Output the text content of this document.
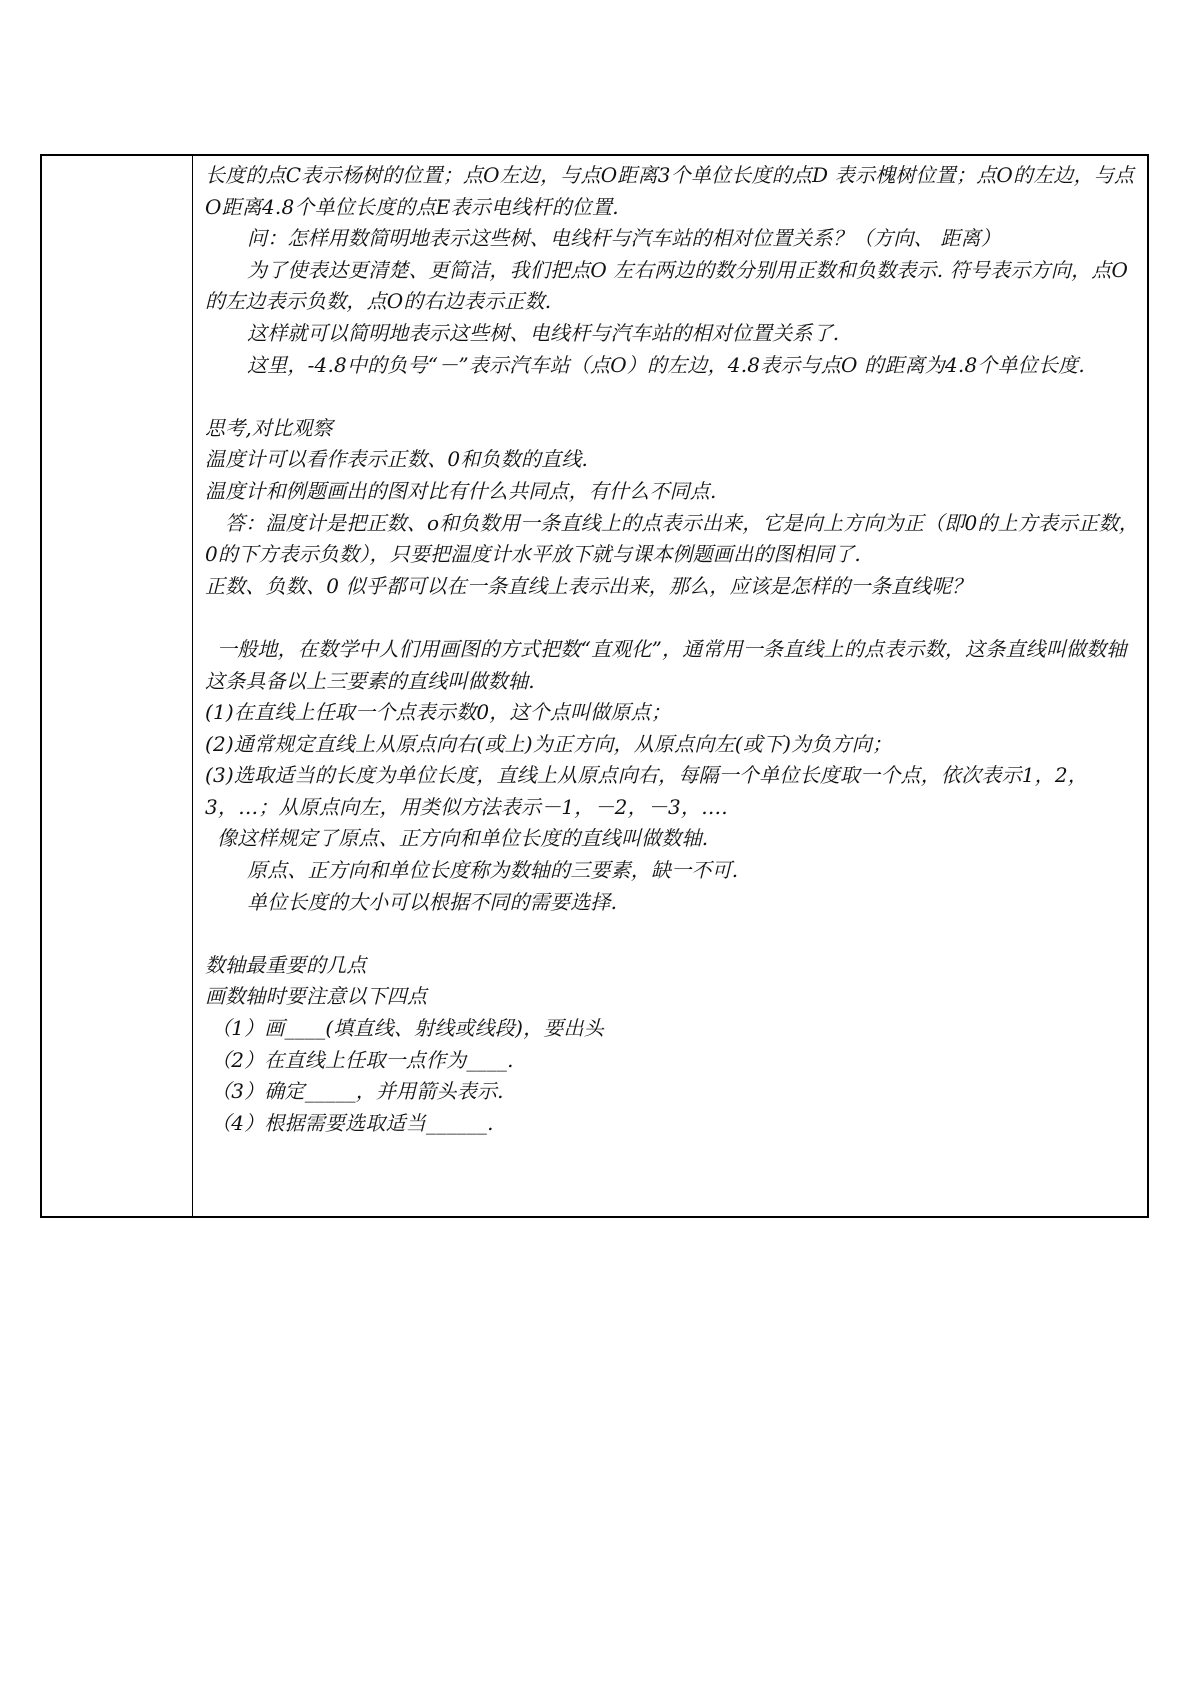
长度的点C表示杨树的位置；点O左边，与点O距离3个单位长度的点D 表示槐树位置；点O的左边，与点O距离4.8个单位长度的点E表示电线杆的位置.

问：怎样用数简明地表示这些树、电线杆与汽车站的相对位置关系？（方向、 距离）

为了使表达更清楚、更简洁，我们把点O 左右两边的数分别用正数和负数表示. 符号表示方向，点O的左边表示负数，点O的右边表示正数.

这样就可以简明地表示这些树、电线杆与汽车站的相对位置关系了.

这里，-4.8中的负号“－”表示汽车站（点O）的左边，4.8表示与点O 的距离为4.8个单位长度.

思考,对比观察

温度计可以看作表示正数、0和负数的直线.

温度计和例题画出的图对比有什么共同点，有什么不同点.

答：温度计是把正数、o和负数用一条直线上的点表示出来，它是向上方向为正（即0的上方表示正数，0的下方表示负数），只要把温度计水平放下就与课本例题画出的图相同了.

正数、负数、0 似乎都可以在一条直线上表示出来，那么，应该是怎样的一条直线呢？

一般地，在数学中人们用画图的方式把数“直观化”，通常用一条直线上的点表示数，这条直线叫做数轴

这条具备以上三要素的直线叫做数轴.

(1)在直线上任取一个点表示数0，这个点叫做原点；

(2)通常规定直线上从原点向右(或上)为正方向，从原点向左(或下)为负方向；

(3)选取适当的长度为单位长度，直线上从原点向右，每隔一个单位长度取一个点，依次表示1，2，3，…；从原点向左，用类似方法表示－1，－2，－3，….

像这样规定了原点、正方向和单位长度的直线叫做数轴.

原点、正方向和单位长度称为数轴的三要素，缺一不可.

单位长度的大小可以根据不同的需要选择.

数轴最重要的几点

画数轴时要注意以下四点

（1）画____(填直线、射线或线段)，要出头

（2）在直线上任取一点作为____.

（3）确定_____，并用箭头表示.

（4）根据需要选取适当______.
